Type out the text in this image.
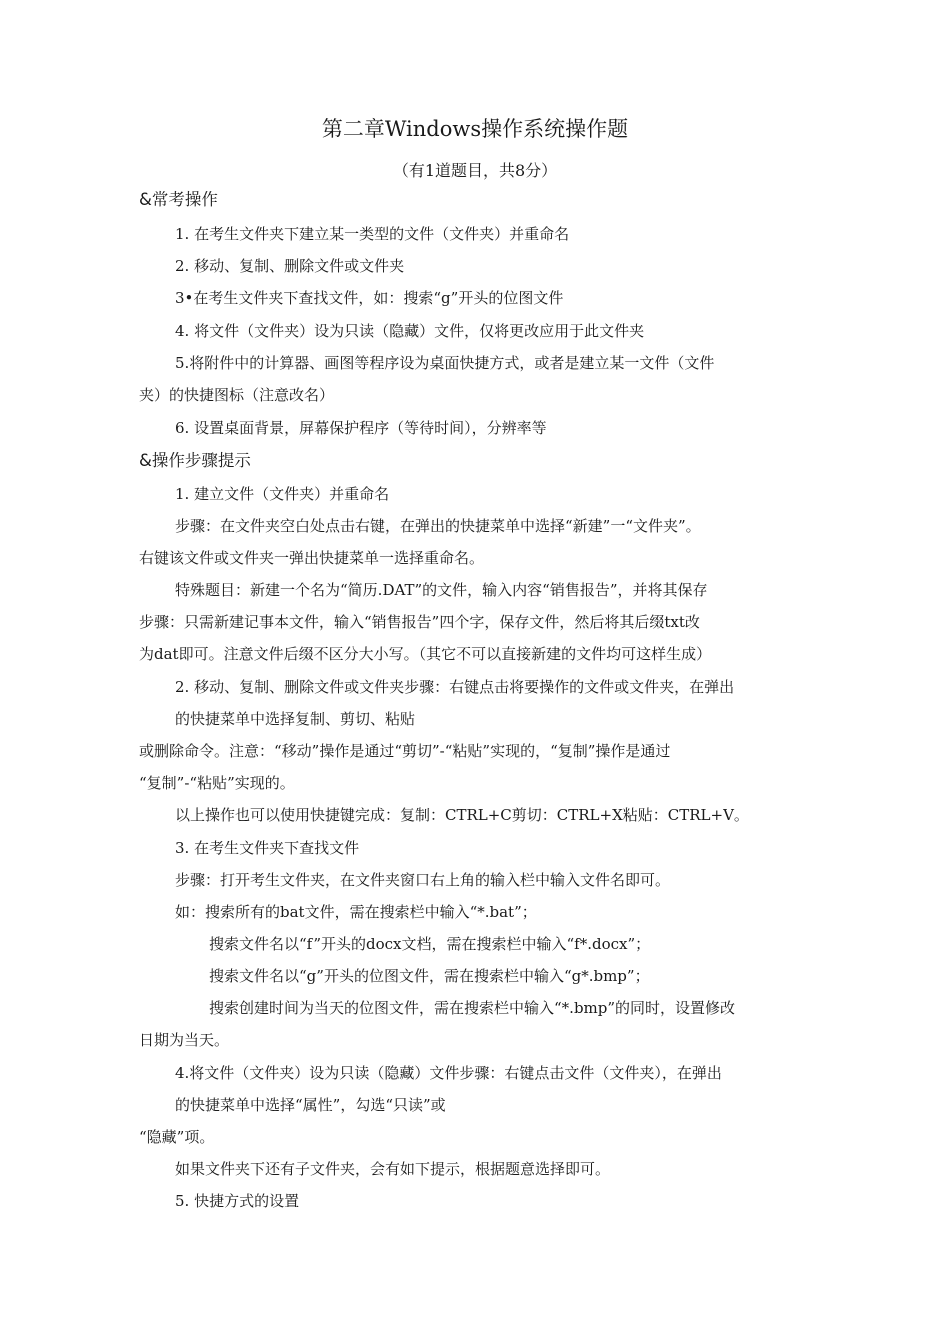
第二章Windows操作系统操作题
（有1道题目，共8分）
&常考操作
1. 在考生文件夹下建立某一类型的文件（文件夹）并重命名
2. 移动、复制、删除文件或文件夹
3•在考生文件夹下查找文件，如：搜索“g”开头的位图文件
4. 将文件（文件夹）设为只读（隐藏）文件，仅将更改应用于此文件夹
5.将附件中的计算器、画图等程序设为桌面快捷方式，或者是建立某一文件（文件
夹）的快捷图标（注意改名）
6. 设置桌面背景，屏幕保护程序（等待时间），分辨率等
&操作步骤提示
1. 建立文件（文件夹）并重命名
步骤：在文件夹空白处点击右键，在弹出的快捷菜单中选择“新建”一“文件夹”。
右键该文件或文件夹一弹出快捷菜单一选择重命名。
特殊题目：新建一个名为“简历.DAT”的文件，输入内容“销售报告”，并将其保存
步骤：只需新建记事本文件，输入“销售报告”四个字，保存文件，然后将其后缀txt改
为dat即可。注意文件后缀不区分大小写。（其它不可以直接新建的文件均可这样生成）
2. 移动、复制、删除文件或文件夹步骤：右键点击将要操作的文件或文件夹，在弹出
的快捷菜单中选择复制、剪切、粘贴
或删除命令。注意：“移动”操作是通过“剪切”-“粘贴”实现的，“复制”操作是通过
“复制”-“粘贴”实现的。
以上操作也可以使用快捷键完成：复制：CTRL+C剪切：CTRL+X粘贴：CTRL+V。
3. 在考生文件夹下查找文件
步骤：打开考生文件夹，在文件夹窗口右上角的输入栏中输入文件名即可。
如：搜索所有的bat文件，需在搜索栏中输入“*.bat”；
搜索文件名以“f”开头的docx文档，需在搜索栏中输入“f*.docx”；
搜索文件名以“g”开头的位图文件，需在搜索栏中输入“g*.bmp”；
搜索创建时间为当天的位图文件，需在搜索栏中输入“*.bmp”的同时，设置修改
日期为当天。
4.将文件（文件夹）设为只读（隐藏）文件步骤：右键点击文件（文件夹），在弹出
的快捷菜单中选择“属性”，勾选“只读”或
“隐藏”项。
如果文件夹下还有子文件夹，会有如下提示，根据题意选择即可。
5. 快捷方式的设置
